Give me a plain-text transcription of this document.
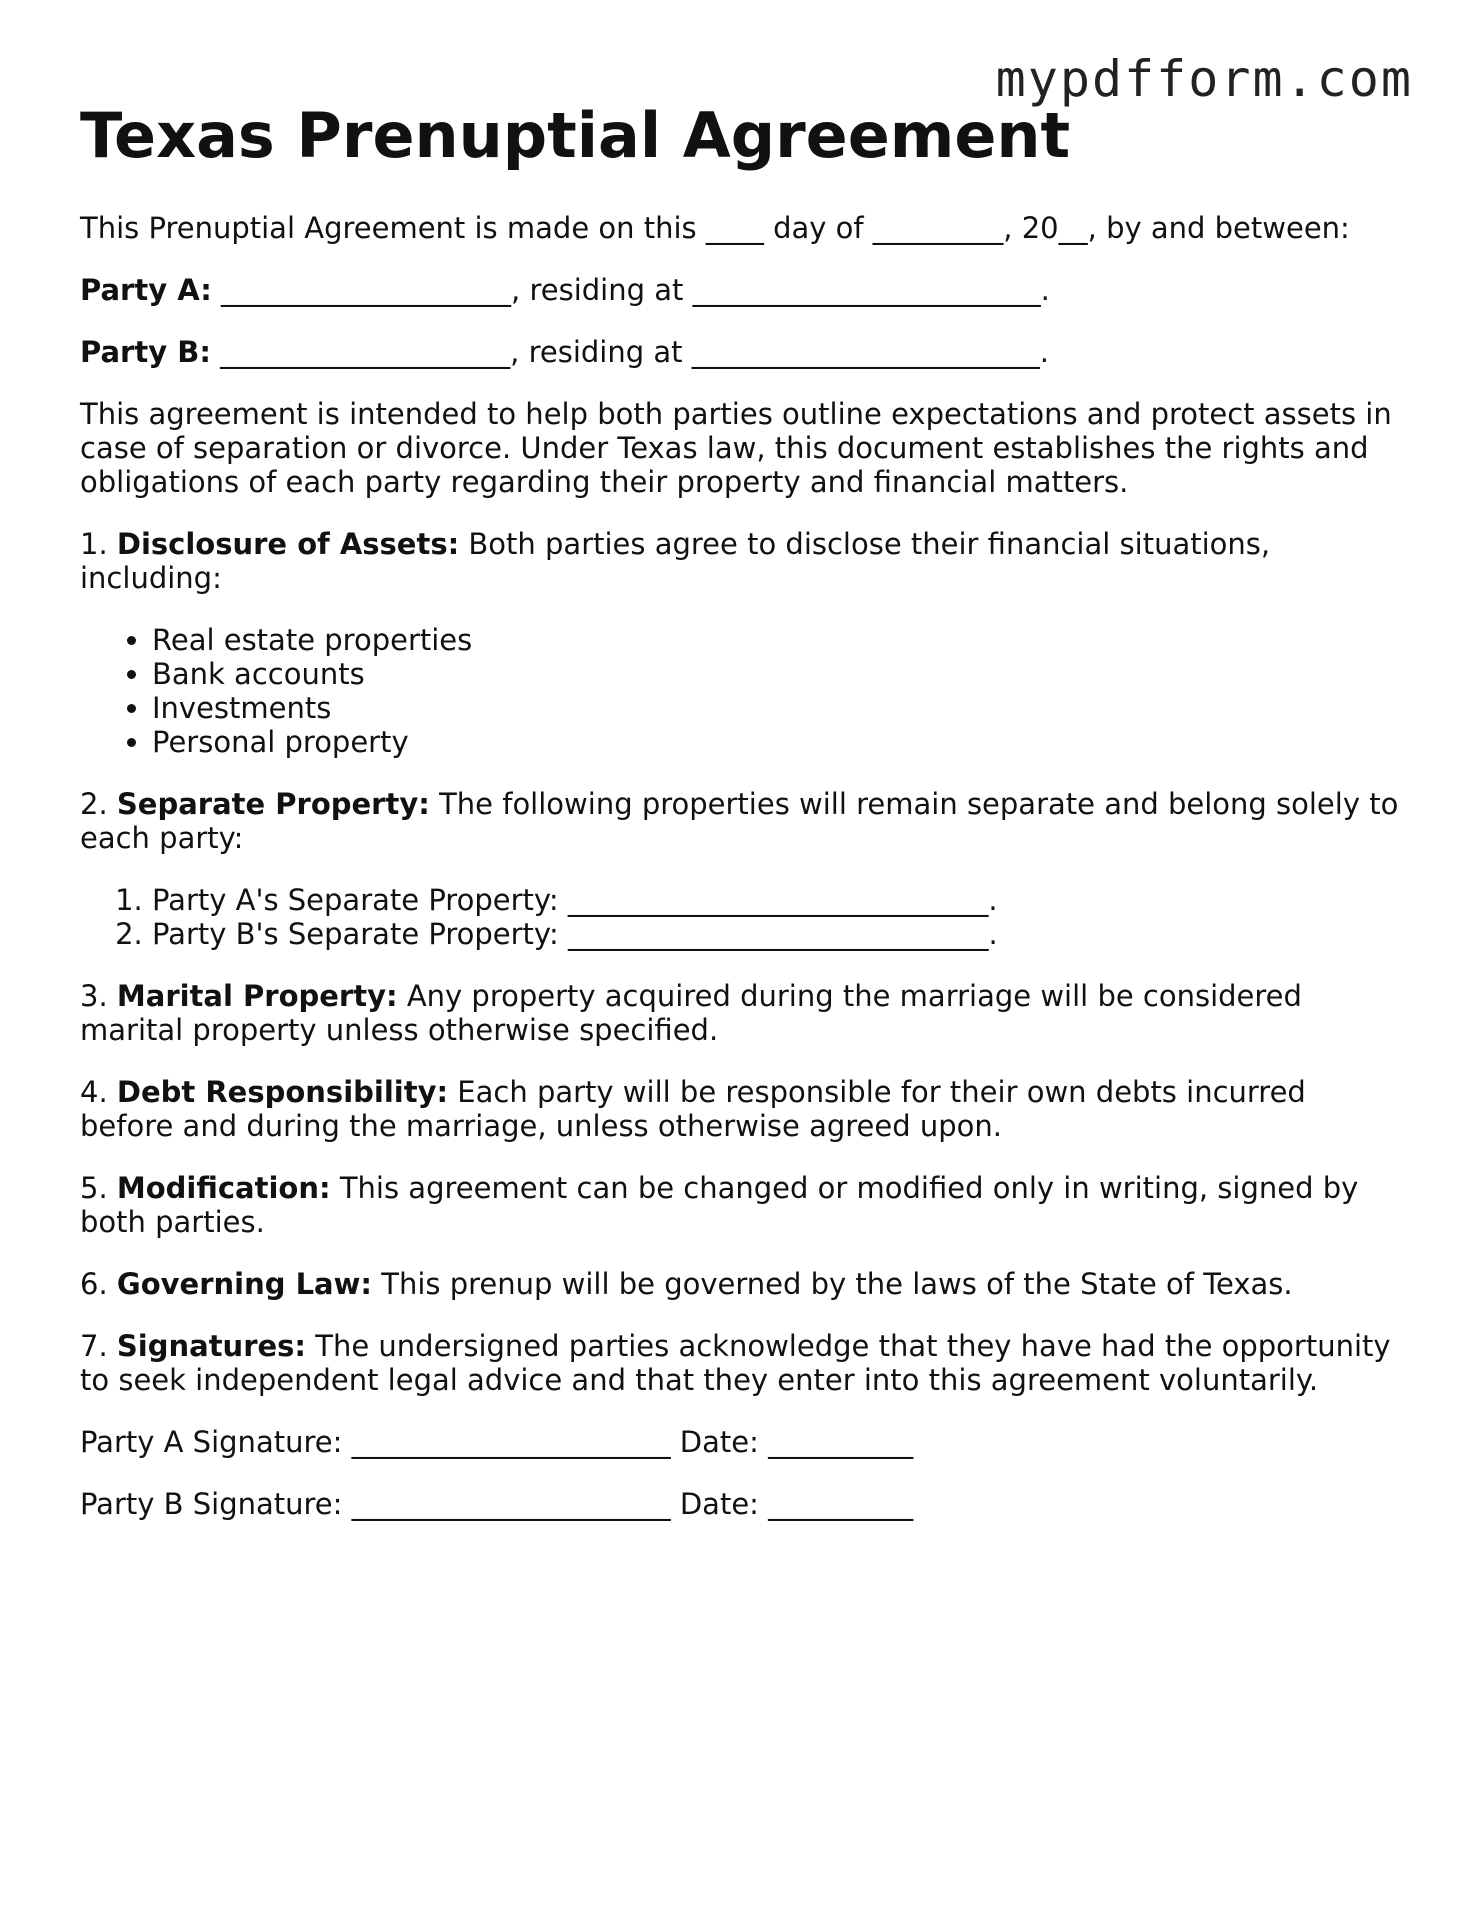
mypdfform.com
Texas Prenuptial Agreement

This Prenuptial Agreement is made on this ____ day of _________, 20__, by and between:

Party A: ____________________, residing at ________________________.

Party B: ____________________, residing at ________________________.

This agreement is intended to help both parties outline expectations and protect assets in case of separation or divorce. Under Texas law, this document establishes the rights and obligations of each party regarding their property and financial matters.

1. Disclosure of Assets: Both parties agree to disclose their financial situations, including:

• Real estate properties
• Bank accounts
• Investments
• Personal property

2. Separate Property: The following properties will remain separate and belong solely to each party:

1. Party A's Separate Property: _____________________________.
2. Party B's Separate Property: _____________________________.

3. Marital Property: Any property acquired during the marriage will be considered marital property unless otherwise specified.

4. Debt Responsibility: Each party will be responsible for their own debts incurred before and during the marriage, unless otherwise agreed upon.

5. Modification: This agreement can be changed or modified only in writing, signed by both parties.

6. Governing Law: This prenup will be governed by the laws of the State of Texas.

7. Signatures: The undersigned parties acknowledge that they have had the opportunity to seek independent legal advice and that they enter into this agreement voluntarily.

Party A Signature: ______________________ Date: __________

Party B Signature: ______________________ Date: __________
